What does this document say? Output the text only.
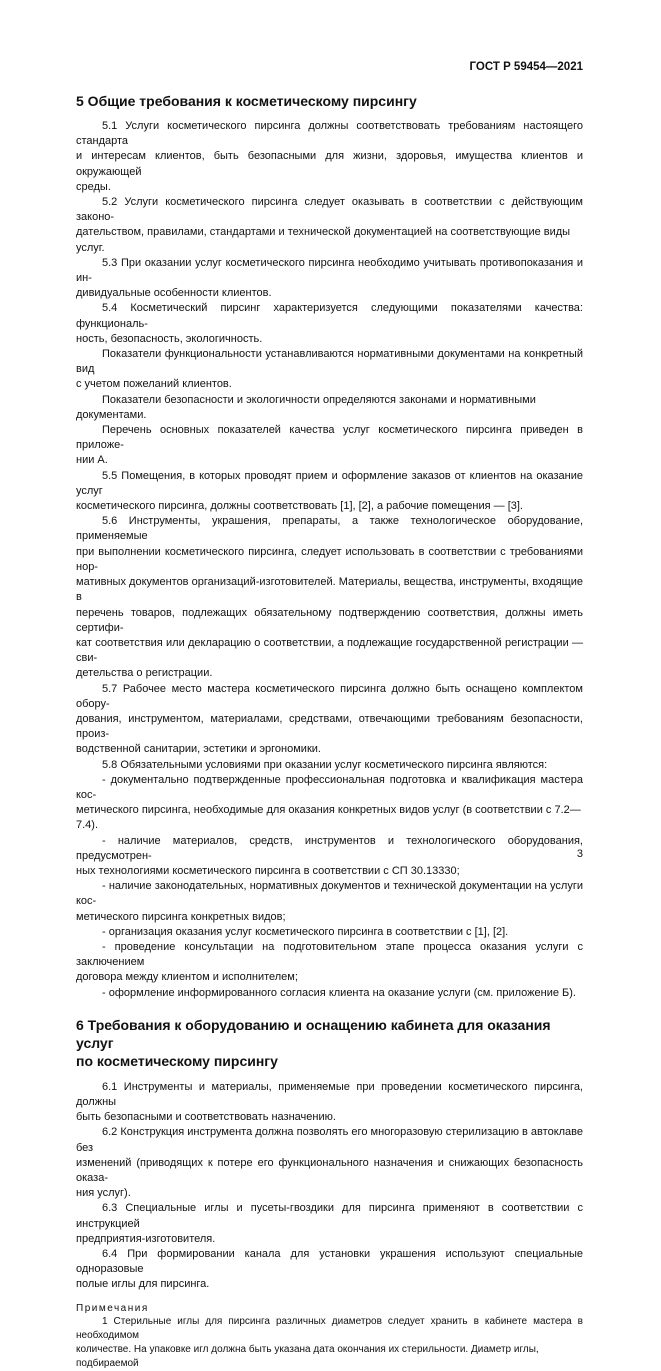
ГОСТ Р 59454—2021
5 Общие требования к косметическому пирсингу

5.1 Услуги косметического пирсинга должны соответствовать требованиям настоящего стандарта

и интересам клиентов, быть безопасными для жизни, здоровья, имущества клиентов и окружающей

среды.

5.2 Услуги косметического пирсинга следует оказывать в соответствии с действующим законо-

дательством, правилами, стандартами и технической документацией на соответствующие виды услуг.

5.3 При оказании услуг косметического пирсинга необходимо учитывать противопоказания и ин-

дивидуальные особенности клиентов.

5.4 Косметический пирсинг характеризуется следующими показателями качества: функциональ-

ность, безопасность, экологичность.

Показатели функциональности устанавливаются нормативными документами на конкретный вид

с учетом пожеланий клиентов.

Показатели безопасности и экологичности определяются законами и нормативными документами.

Перечень основных показателей качества услуг косметического пирсинга приведен в приложе-

нии А.

5.5 Помещения, в которых проводят прием и оформление заказов от клиентов на оказание услуг

косметического пирсинга, должны соответствовать [1], [2], а рабочие помещения — [3].

5.6 Инструменты, украшения, препараты, а также технологическое оборудование, применяемые

при выполнении косметического пирсинга, следует использовать в соответствии с требованиями нор-

мативных документов организаций-изготовителей. Материалы, вещества, инструменты, входящие в

перечень товаров, подлежащих обязательному подтверждению соответствия, должны иметь сертифи-

кат соответствия или декларацию о соответствии, а подлежащие государственной регистрации — сви-

детельства о регистрации.

5.7 Рабочее место мастера косметического пирсинга должно быть оснащено комплектом обору-

дования, инструментом, материалами, средствами, отвечающими требованиям безопасности, произ-

водственной санитарии, эстетики и эргономики.

5.8 Обязательными условиями при оказании услуг косметического пирсинга являются:

- документально подтвержденные профессиональная подготовка и квалификация мастера кос-

метического пирсинга, необходимые для оказания конкретных видов услуг (в соответствии с 7.2—7.4).

- наличие материалов, средств, инструментов и технологического оборудования, предусмотрен-

ных технологиями косметического пирсинга в соответствии с СП 30.13330;

- наличие законодательных, нормативных документов и технической документации на услуги кос-

метического пирсинга конкретных видов;

- организация оказания услуг косметического пирсинга в соответствии с [1], [2].

- проведение консультации на подготовительном этапе процесса оказания услуги с заключением

договора между клиентом и исполнителем;

- оформление информированного согласия клиента на оказание услуги (см. приложение Б).

6 Требования к оборудованию и оснащению кабинета для оказания услуг
по косметическому пирсингу

6.1 Инструменты и материалы, применяемые при проведении косметического пирсинга, должны

быть безопасными и соответствовать назначению.

6.2 Конструкция инструмента должна позволять его многоразовую стерилизацию в автоклаве без

изменений (приводящих к потере его функционального назначения и снижающих безопасность оказа-

ния услуг).

6.3 Специальные иглы и пусеты-гвоздики для пирсинга применяют в соответствии с инструкцией

предприятия-изготовителя.

6.4 При формировании канала для установки украшения используют специальные одноразовые

полые иглы для пирсинга.

Примечания

1 Стерильные иглы для пирсинга различных диаметров следует хранить в кабинете мастера в необходимом

количестве. На упаковке игл должна быть указана дата окончания их стерильности. Диаметр иглы, подбираемой

3
